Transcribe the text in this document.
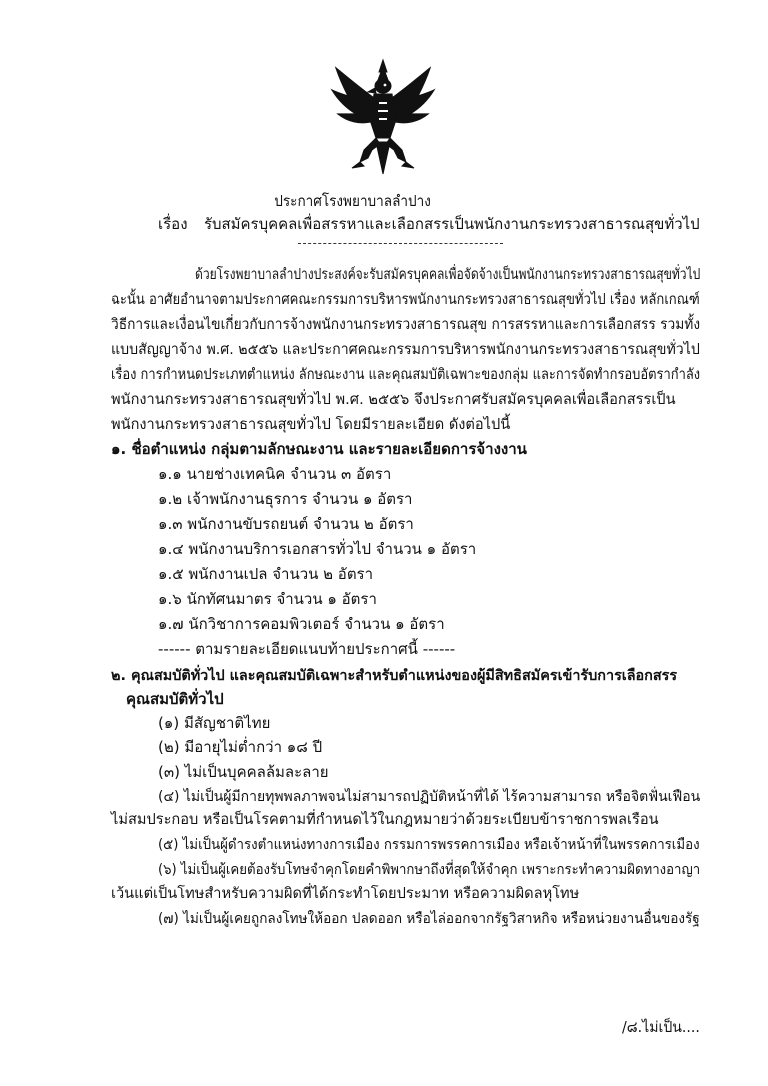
ประกาศโรงพยาบาลลำปาง
เรื่อง รับสมัครบุคคลเพื่อสรรหาและเลือกสรรเป็นพนักงานกระทรวงสาธารณสุขทั่วไป
ด้วยโรงพยาบาลลำปางประสงค์จะรับสมัครบุคคลเพื่อจัดจ้างเป็นพนักงานกระทรวงสาธารณสุขทั่วไป
ฉะนั้น อาศัยอำนาจตามประกาศคณะกรรมการบริหารพนักงานกระทรวงสาธารณสุขทั่วไป เรื่อง หลักเกณฑ์
วิธีการและเงื่อนไขเกี่ยวกับการจ้างพนักงานกระทรวงสาธารณสุข การสรรหาและการเลือกสรร รวมทั้ง
แบบสัญญาจ้าง พ.ศ. ๒๕๕๖ และประกาศคณะกรรมการบริหารพนักงานกระทรวงสาธารณสุขทั่วไป
เรื่อง การกำหนดประเภทตำแหน่ง ลักษณะงาน และคุณสมบัติเฉพาะของกลุ่ม และการจัดทำกรอบอัตรากำลัง
พนักงานกระทรวงสาธารณสุขทั่วไป พ.ศ. ๒๕๕๖ จึงประกาศรับสมัครบุคคลเพื่อเลือกสรรเป็น
พนักงานกระทรวงสาธารณสุขทั่วไป โดยมีรายละเอียด ดังต่อไปนี้
๑. ชื่อตำแหน่ง กลุ่มตามลักษณะงาน และรายละเอียดการจ้างงาน
๑.๑ นายช่างเทคนิค จำนวน ๓ อัตรา
๑.๒ เจ้าพนักงานธุรการ จำนวน ๑ อัตรา
๑.๓ พนักงานขับรถยนต์ จำนวน ๒ อัตรา
๑.๔ พนักงานบริการเอกสารทั่วไป จำนวน ๑ อัตรา
๑.๕ พนักงานเปล จำนวน ๒ อัตรา
๑.๖ นักทัศนมาตร จำนวน ๑ อัตรา
๑.๗ นักวิชาการคอมพิวเตอร์ จำนวน ๑ อัตรา
------ ตามรายละเอียดแนบท้ายประกาศนี้ ------
๒. คุณสมบัติทั่วไป และคุณสมบัติเฉพาะสำหรับตำแหน่งของผู้มีสิทธิสมัครเข้ารับการเลือกสรร
คุณสมบัติทั่วไป
(๑) มีสัญชาติไทย
(๒) มีอายุไม่ต่ำกว่า ๑๘ ปี
(๓) ไม่เป็นบุคคลล้มละลาย
(๔) ไม่เป็นผู้มีกายทุพพลภาพจนไม่สามารถปฏิบัติหน้าที่ได้ ไร้ความสามารถ หรือจิตฟั่นเฟือน
ไม่สมประกอบ หรือเป็นโรคตามที่กำหนดไว้ในกฎหมายว่าด้วยระเบียบข้าราชการพลเรือน
(๕) ไม่เป็นผู้ดำรงตำแหน่งทางการเมือง กรรมการพรรคการเมือง หรือเจ้าหน้าที่ในพรรคการเมือง
(๖) ไม่เป็นผู้เคยต้องรับโทษจำคุกโดยคำพิพากษาถึงที่สุดให้จำคุก เพราะกระทำความผิดทางอาญา
เว้นแต่เป็นโทษสำหรับความผิดที่ได้กระทำโดยประมาท หรือความผิดลหุโทษ
(๗) ไม่เป็นผู้เคยถูกลงโทษให้ออก ปลดออก หรือไล่ออกจากรัฐวิสาหกิจ หรือหน่วยงานอื่นของรัฐ
/๘.ไม่เป็น....
